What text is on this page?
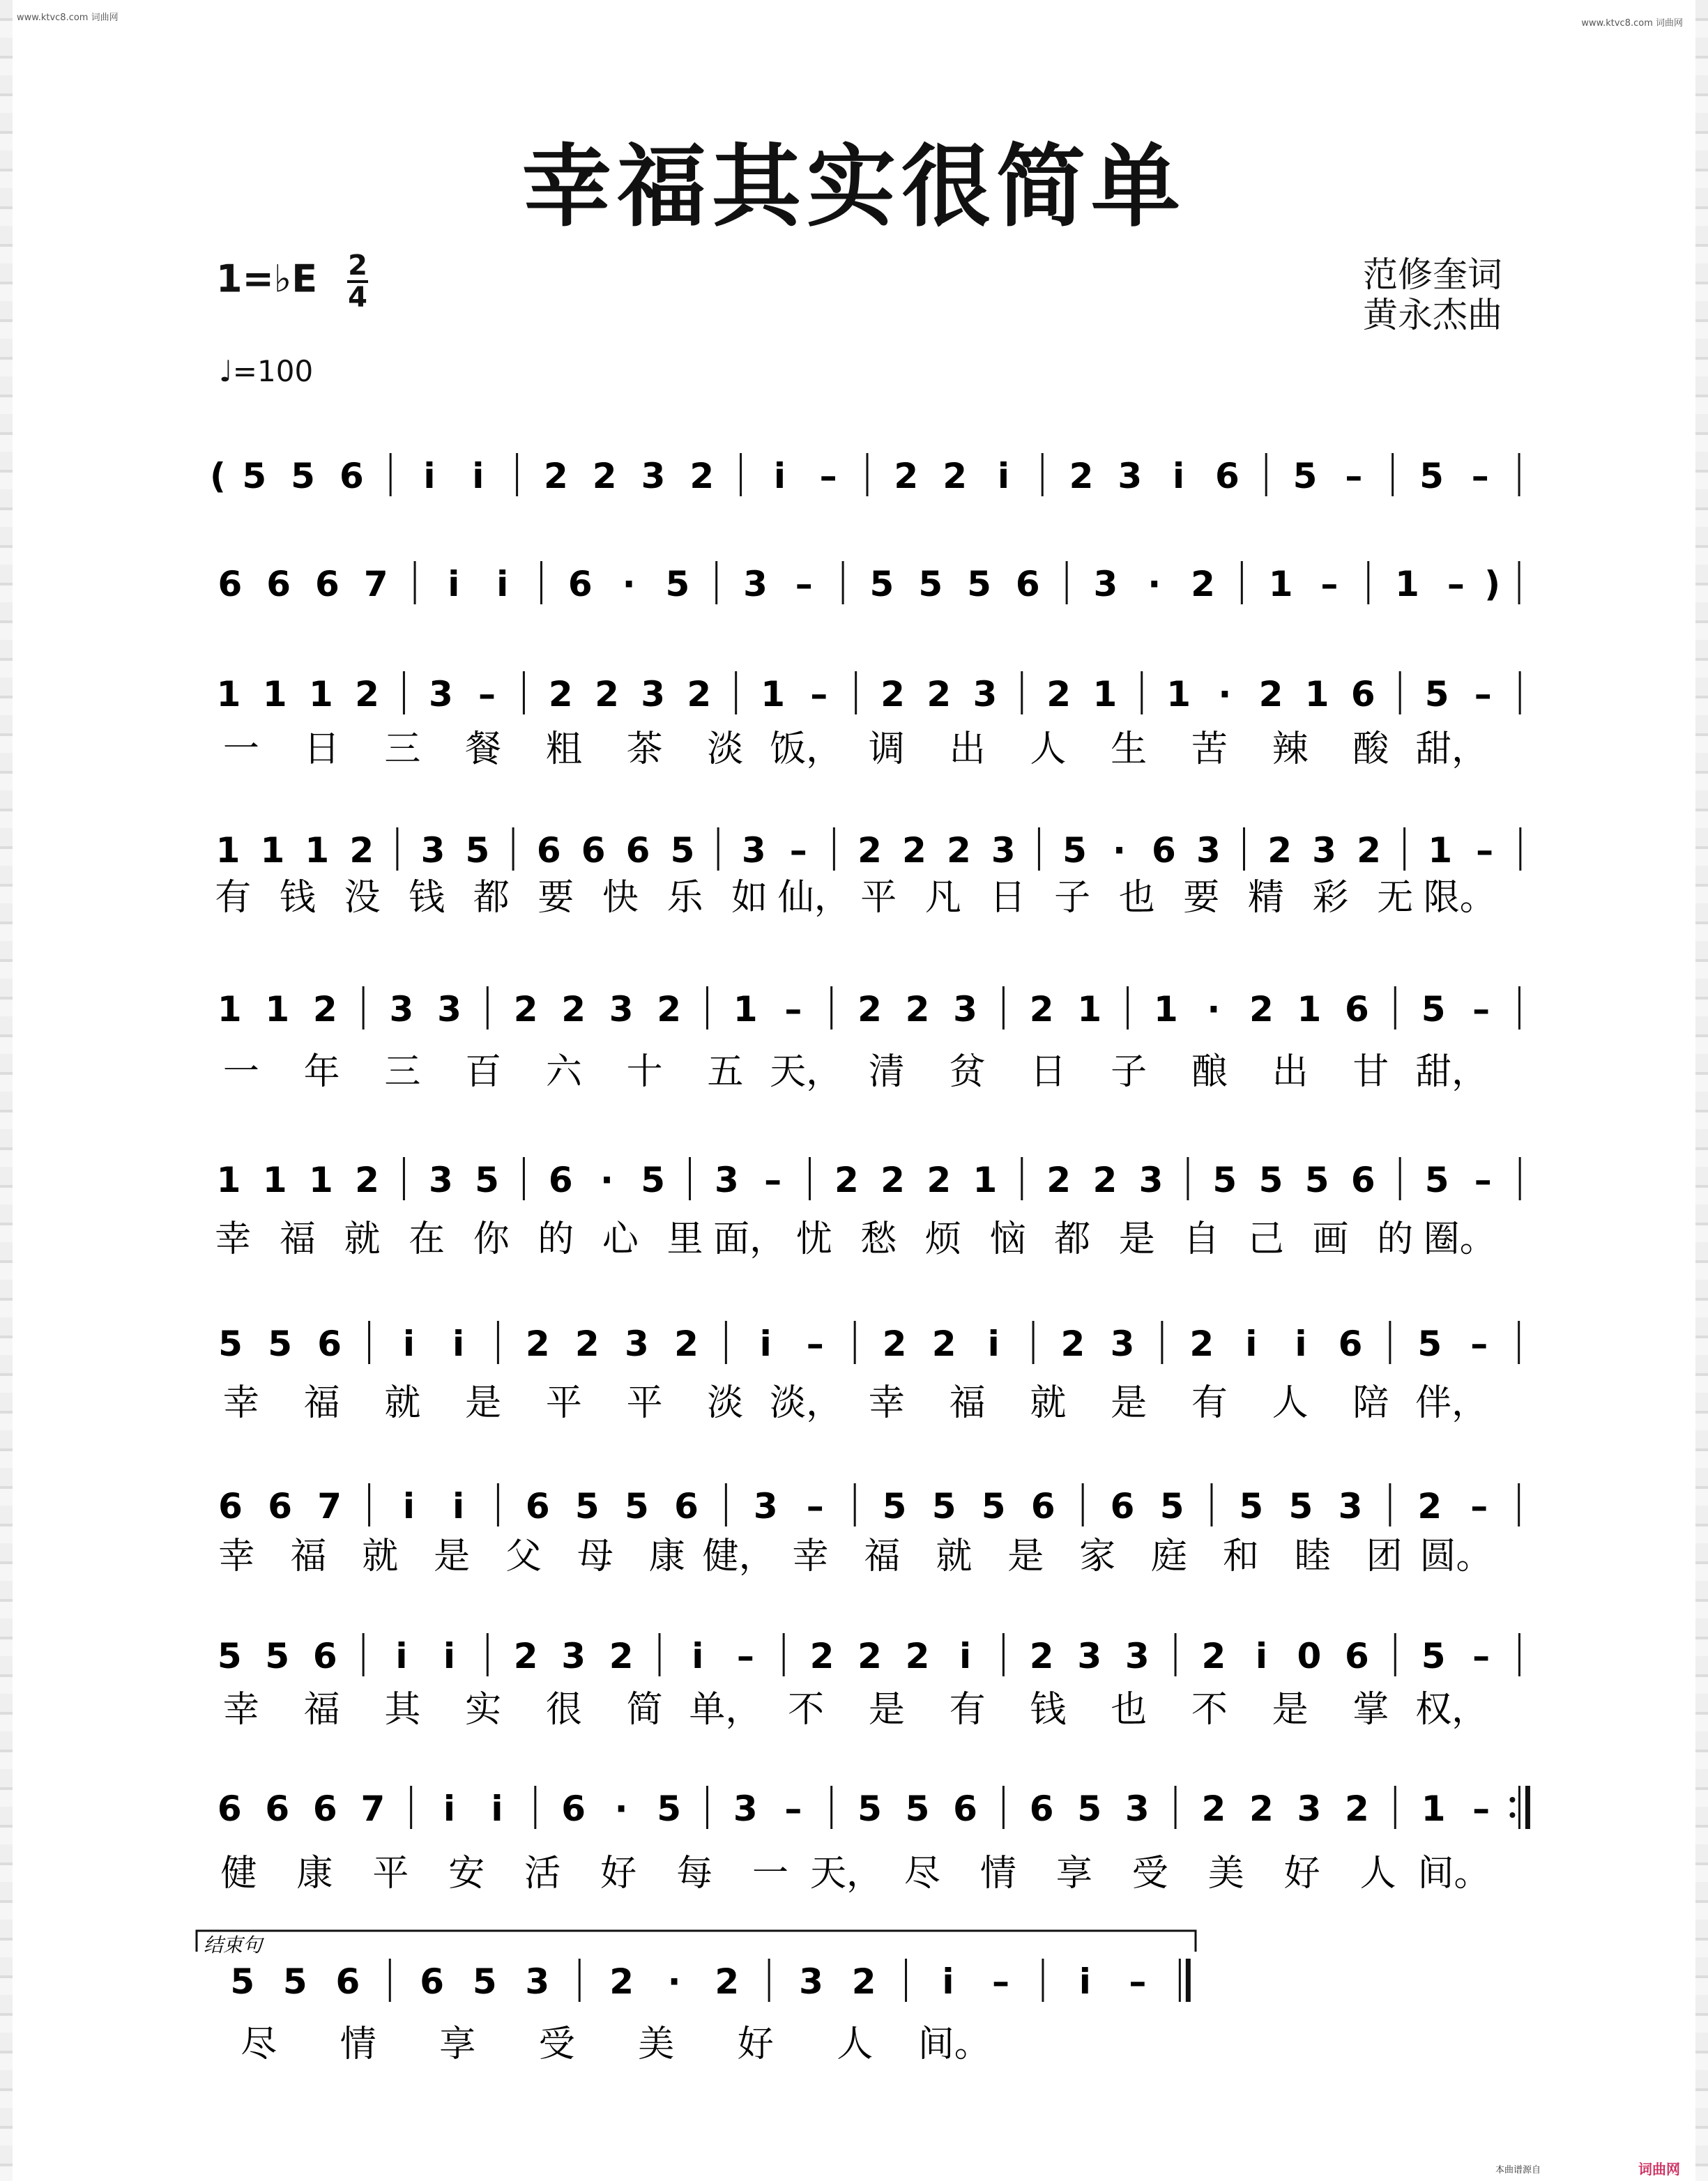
www.ktvc8.com 词曲网
www.ktvc8.com 词曲网
幸福其实很简单
1=♭E $\frac{2}{4}$
♩=100
范修奎词
黄永杰曲
( 5 5 6 i i 2 2 3 2 i – 2 2 i 2 3 i 6 5 – 5 –
6 6 6 7 i i 6 · 5 3 – 5 5 5 6 3 · 2 1 – 1 – )
1 1 1 2 3 – 2 2 3 2 1 – 2 2 3 2 1 1 · 2 1 6 5 –
一 日 三 餐 粗 茶 淡 饭， 调 出 人 生 苦 辣 酸 甜，
1 1 1 2 3 5 6 6 6 5 3 – 2 2 2 3 5 · 6 3 2 3 2 1 –
有 钱 没 钱 都 要 快 乐 如 仙， 平 凡 日 子 也 要 精 彩 无 限。
1 1 2 3 3 2 2 3 2 1 – 2 2 3 2 1 1 · 2 1 6 5 –
一 年 三 百 六 十 五 天， 清 贫 日 子 酿 出 甘 甜，
1 1 1 2 3 5 6 · 5 3 – 2 2 2 1 2 2 3 5 5 5 6 5 –
幸 福 就 在 你 的 心 里 面， 忧 愁 烦 恼 都 是 自 己 画 的 圈。
5 5 6 i i 2 2 3 2 i – 2 2 i 2 3 2 i i 6 5 –
幸 福 就 是 平 平 淡 淡， 幸 福 就 是 有 人 陪 伴，
6 6 7 i i 6 5 5 6 3 – 5 5 5 6 6 5 5 5 3 2 –
幸 福 就 是 父 母 康 健， 幸 福 就 是 家 庭 和 睦 团 圆。
5 5 6 i i 2 3 2 i – 2 2 2 i 2 3 3 2 i 0 6 5 –
幸 福 其 实 很 简 单， 不 是 有 钱 也 不 是 掌 权，
6 6 6 7 i i 6 · 5 3 – 5 5 6 6 5 3 2 2 3 2 1 –
健 康 平 安 活 好 每 一 天， 尽 情 享 受 美 好 人 间。
5 5 6 6 5 3 2 · 2 3 2 i – i –
尽 情 享 受 美 好 人 间。
结束句
本曲谱源自	词曲网
